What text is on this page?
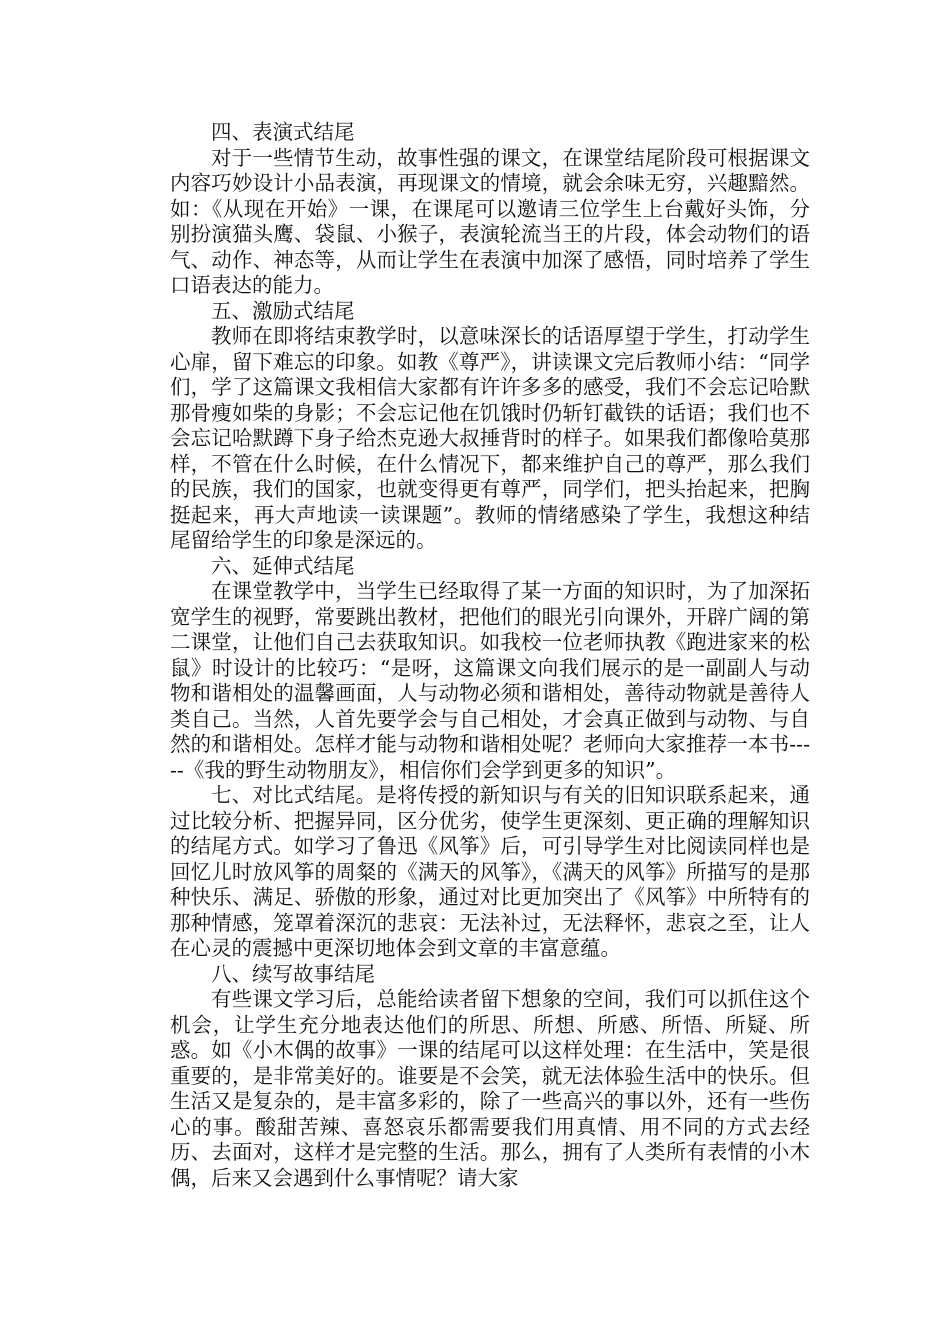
四、表演式结尾

对于一些情节生动，故事性强的课文，在课堂结尾阶段可根据课文内容巧妙设计小品表演，再现课文的情境，就会余味无穷，兴趣黯然。 如：《从现在开始》一课，在课尾可以邀请三位学生上台戴好头饰，分别扮演猫头鹰、袋鼠、小猴子，表演轮流当王的片段，体会动物们的语气、动作、神态等，从而让学生在表演中加深了感悟，同时培养了学生口语表达的能力。

五、激励式结尾

教师在即将结束教学时，以意味深长的话语厚望于学生，打动学生心扉，留下难忘的印象。如教《尊严》，讲读课文完后教师小结：“同学们，学了这篇课文我相信大家都有许许多多的感受，我们不会忘记哈默那骨瘦如柴的身影；不会忘记他在饥饿时仍斩钉截铁的话语；我们也不会忘记哈默蹲下身子给杰克逊大叔捶背时的样子。如果我们都像哈莫那样，不管在什么时候，在什么情况下，都来维护自己的尊严，那么我们的民族，我们的国家，也就变得更有尊严，同学们，把头抬起来，把胸挺起来，再大声地读一读课题”。教师的情绪感染了学生，我想这种结尾留给学生的印象是深远的。

六、延伸式结尾

在课堂教学中，当学生已经取得了某一方面的知识时，为了加深拓宽学生的视野，常要跳出教材，把他们的眼光引向课外，开辟广阔的第二课堂，让他们自己去获取知识。如我校一位老师执教《跑进家来的松鼠》时设计的比较巧：“是呀，这篇课文向我们展示的是一副副人与动物和谐相处的温馨画面，人与动物必须和谐相处，善待动物就是善待人类自己。当然，人首先要学会与自己相处，才会真正做到与动物、与自然的和谐相处。怎样才能与动物和谐相处呢？老师向大家推荐一本书-----《我的野生动物朋友》，相信你们会学到更多的知识”。

七、对比式结尾。是将传授的新知识与有关的旧知识联系起来，通过比较分析、把握异同，区分优劣，使学生更深刻、更正确的理解知识的结尾方式。如学习了鲁迅《风筝》后，可引导学生对比阅读同样也是回忆儿时放风筝的周粲的《满天的风筝》，《满天的风筝》所描写的是那种快乐、满足、骄傲的形象，通过对比更加突出了《风筝》中所特有的那种情感，笼罩着深沉的悲哀：无法补过，无法释怀，悲哀之至，让人在心灵的震撼中更深切地体会到文章的丰富意蕴。

八、续写故事结尾

有些课文学习后，总能给读者留下想象的空间，我们可以抓住这个机会，让学生充分地表达他们的所思、所想、所感、所悟、所疑、所惑。如《小木偶的故事》一课的结尾可以这样处理：在生活中，笑是很重要的，是非常美好的。谁要是不会笑，就无法体验生活中的快乐。但生活又是复杂的，是丰富多彩的，除了一些高兴的事以外，还有一些伤心的事。酸甜苦辣、喜怒哀乐都需要我们用真情、用不同的方式去经历、去面对，这样才是完整的生活。那么，拥有了人类所有表情的小木偶，后来又会遇到什么事情呢？请大家
